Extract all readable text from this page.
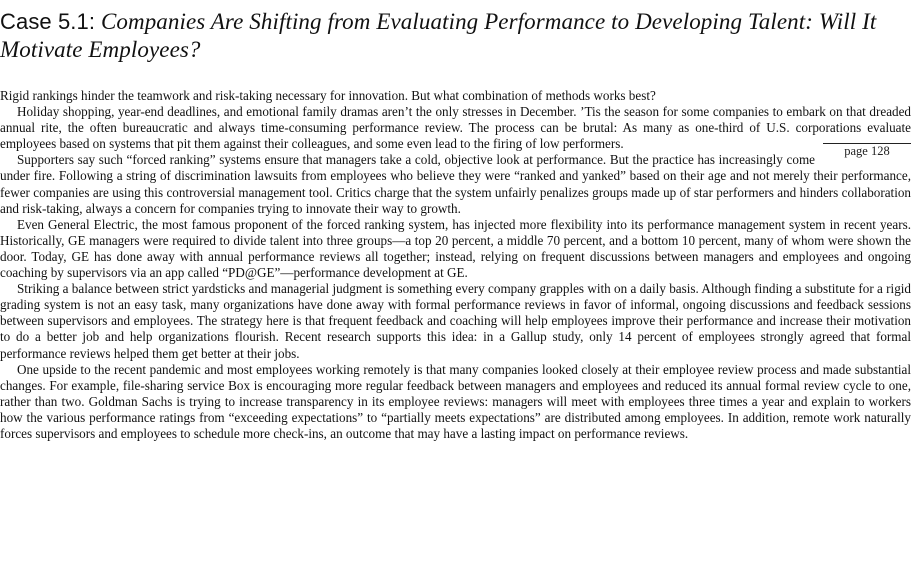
Case 5.1: Companies Are Shifting from Evaluating Performance to Developing Talent: Will It Motivate Employees?

Rigid rankings hinder the teamwork and risk-taking necessary for innovation. But what combination of methods works best?

Holiday shopping, year-end deadlines, and emotional family dramas aren’t the only stresses in December. ’Tis the season for some companies to embark on that dreaded annual rite, the often bureaucratic and always time-consuming performance review. The process can be brutal: As many as one-third of U.S. corporations evaluate employees based on systems that pit them against their colleagues,	page 128
and some even lead to the firing of low performers.

Supporters say such “forced ranking” systems ensure that managers take a cold, objective look at performance. But the practice has increasingly come under fire. Following a string of discrimination lawsuits from employees who believe they were “ranked and yanked” based on their age and not merely their performance, fewer companies are using this controversial management tool. Critics charge that the system unfairly penalizes groups made up of star performers and hinders collaboration and risk-taking, always a concern for companies trying to innovate their way to growth.

Even General Electric, the most famous proponent of the forced ranking system, has injected more flexibility into its performance management system in recent years. Historically, GE managers were required to divide talent into three groups—a top 20 percent, a middle 70 percent, and a bottom 10 percent, many of whom were shown the door. Today, GE has done away with annual performance reviews all together; instead, relying on frequent discussions between managers and employees and ongoing coaching by supervisors via an app called “PD@GE”—performance development at GE.

Striking a balance between strict yardsticks and managerial judgment is something every company grapples with on a daily basis. Although finding a substitute for a rigid grading system is not an easy task, many organizations have done away with formal performance reviews in favor of informal, ongoing discussions and feedback sessions between supervisors and employees. The strategy here is that frequent feedback and coaching will help employees improve their performance and increase their motivation to do a better job and help organizations flourish. Recent research supports this idea: in a Gallup study, only 14 percent of employees strongly agreed that formal performance reviews helped them get better at their jobs.

One upside to the recent pandemic and most employees working remotely is that many companies looked closely at their employee review process and made substantial changes. For example, file-sharing service Box is encouraging more regular feedback between managers and employees and reduced its annual formal review cycle to one, rather than two. Goldman Sachs is trying to increase transparency in its employee reviews: managers will meet with employees three times a year and explain to workers how the various performance ratings from “exceeding expectations” to “partially meets expectations” are distributed among employees. In addition, remote work naturally forces supervisors and employees to schedule more check-ins, an outcome that may have a lasting impact on performance reviews.
